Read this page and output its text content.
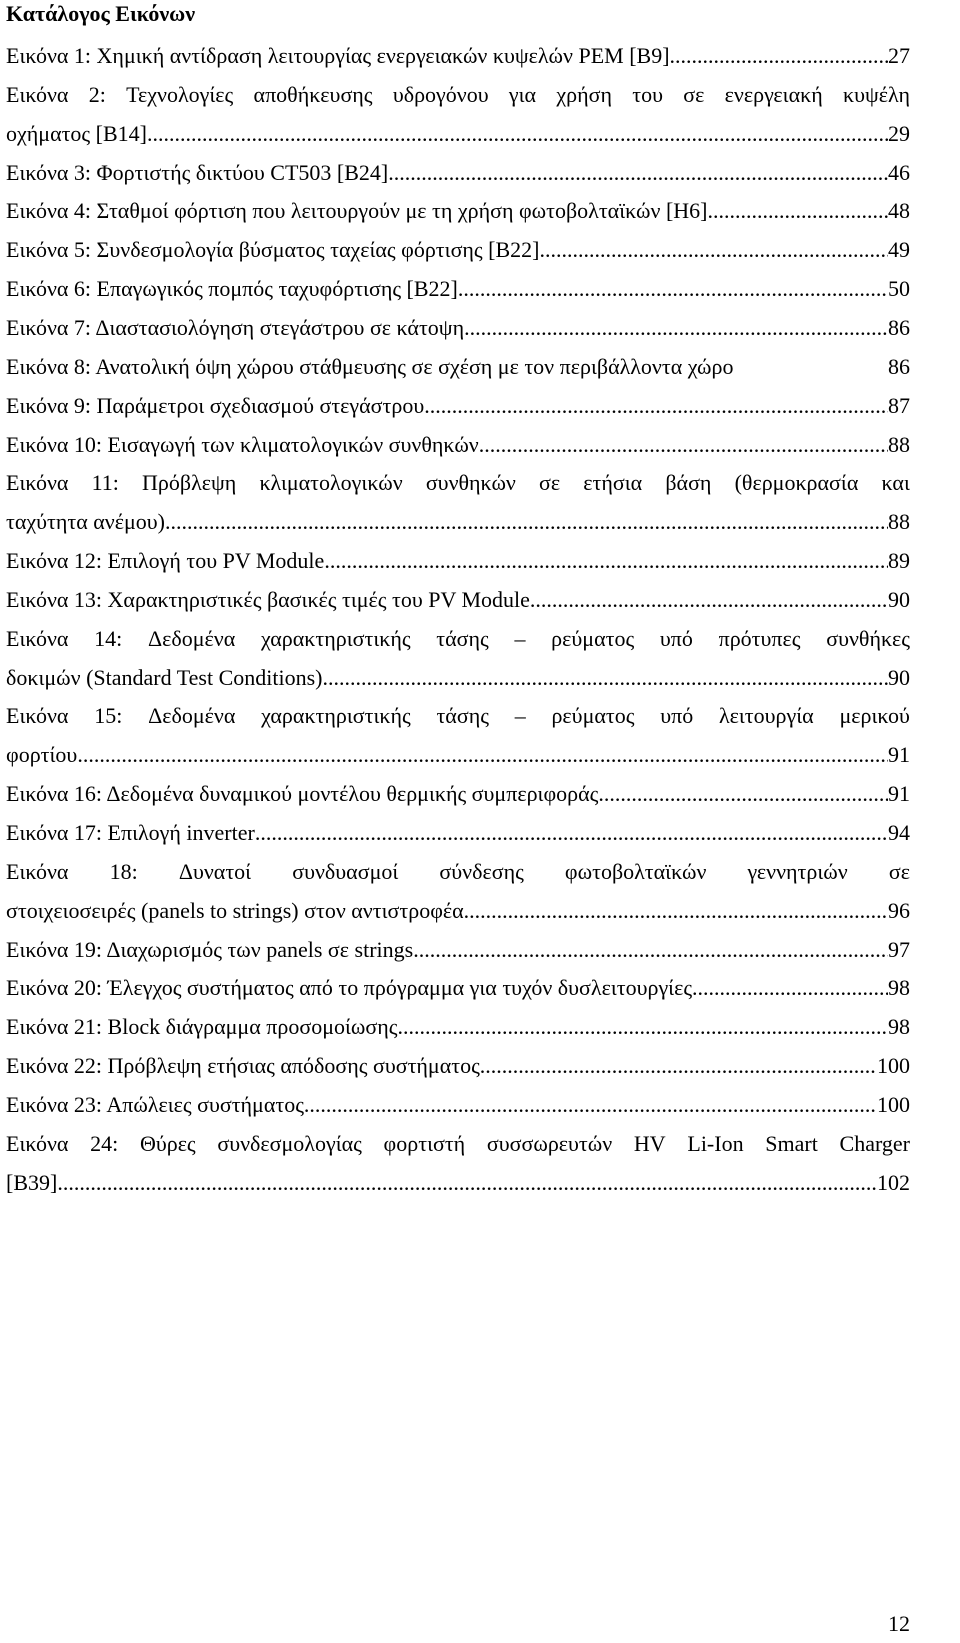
Κατάλογος Εικόνων
Εικόνα 1: Χημική αντίδραση λειτουργίας ενεργειακών κυψελών PEM [B9] .....	27
Εικόνα 2: Τεχνολογίες αποθήκευσης υδρογόνου για χρήση του σε ενεργειακή κυψέλη
οχήματος [B14] .....	29
Εικόνα 3: Φορτιστής δικτύου CT503 [B24] .....	46
Εικόνα 4: Σταθμοί φόρτιση που λειτουργούν με τη χρήση φωτοβολταϊκών [H6] .....	48
Εικόνα 5: Συνδεσμολογία βύσματος ταχείας φόρτισης [B22] .....	49
Εικόνα 6: Επαγωγικός πομπός ταχυφόρτισης [B22] .....	50
Εικόνα 7: Διαστασιολόγηση στεγάστρου σε κάτοψη .....	86
Εικόνα 8: Ανατολική όψη χώρου στάθμευσης σε σχέση με τον περιβάλλοντα χώρο	86
Εικόνα 9: Παράμετροι σχεδιασμού στεγάστρου .....	87
Εικόνα 10: Εισαγωγή των κλιματολογικών συνθηκών .....	88
Εικόνα 11: Πρόβλεψη κλιματολογικών συνθηκών σε ετήσια βάση (θερμοκρασία και
ταχύτητα ανέμου) .....	88
Εικόνα 12: Επιλογή του PV Module .....	89
Εικόνα 13: Χαρακτηριστικές βασικές τιμές του PV Module .....	90
Εικόνα 14: Δεδομένα χαρακτηριστικής τάσης – ρεύματος υπό πρότυπες συνθήκες
δοκιμών (Standard Test Conditions) .....	90
Εικόνα 15: Δεδομένα χαρακτηριστικής τάσης – ρεύματος υπό λειτουργία μερικού
φορτίου .....	91
Εικόνα 16: Δεδομένα δυναμικού μοντέλου θερμικής συμπεριφοράς .....	91
Εικόνα 17: Επιλογή inverter .....	94
Εικόνα 18: Δυνατοί συνδυασμοί σύνδεσης φωτοβολταϊκών γεννητριών σε
στοιχειοσειρές (panels to strings) στον αντιστροφέα .....	96
Εικόνα 19: Διαχωρισμός των panels σε strings .....	97
Εικόνα 20: Έλεγχος συστήματος από το πρόγραμμα για τυχόν δυσλειτουργίες .....	98
Εικόνα 21: Block διάγραμμα προσομοίωσης .....	98
Εικόνα 22: Πρόβλεψη ετήσιας απόδοσης συστήματος .....	100
Εικόνα 23: Απώλειες συστήματος .....	100
Εικόνα 24: Θύρες συνδεσμολογίας φορτιστή συσσωρευτών HV Li-Ion Smart Charger
[B39] .....	102
12
